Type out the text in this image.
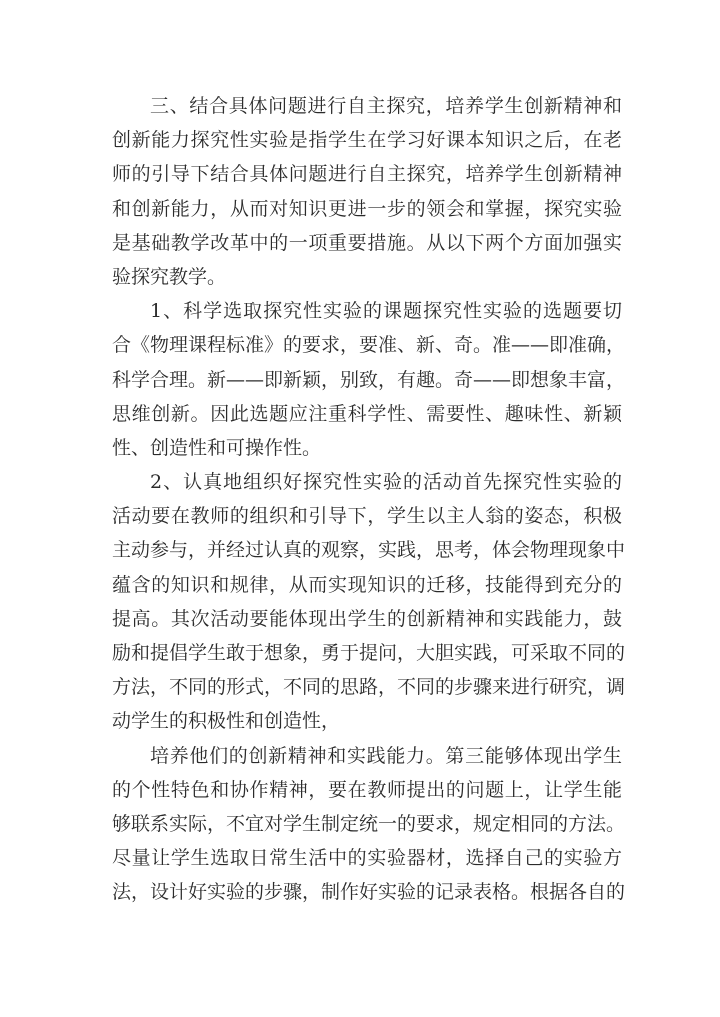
三、结合具体问题进行自主探究，培养学生创新精神和
创新能力探究性实验是指学生在学习好课本知识之后，在老
师的引导下结合具体问题进行自主探究，培养学生创新精神
和创新能力，从而对知识更进一步的领会和掌握，探究实验
是基础教学改革中的一项重要措施。从以下两个方面加强实
验探究教学。
1、科学选取探究性实验的课题探究性实验的选题要切
合《物理课程标准》的要求，要准、新、奇。准——即准确，
科学合理。新——即新颖，别致，有趣。奇——即想象丰富，
思维创新。因此选题应注重科学性、需要性、趣味性、新颖
性、创造性和可操作性。
2、认真地组织好探究性实验的活动首先探究性实验的
活动要在教师的组织和引导下，学生以主人翁的姿态，积极
主动参与，并经过认真的观察，实践，思考，体会物理现象中
蕴含的知识和规律，从而实现知识的迁移，技能得到充分的
提高。其次活动要能体现出学生的创新精神和实践能力，鼓
励和提倡学生敢于想象，勇于提问，大胆实践，可采取不同的
方法，不同的形式，不同的思路，不同的步骤来进行研究，调
动学生的积极性和创造性，
培养他们的创新精神和实践能力。第三能够体现出学生
的个性特色和协作精神，要在教师提出的问题上，让学生能
够联系实际，不宜对学生制定统一的要求，规定相同的方法。
尽量让学生选取日常生活中的实验器材，选择自己的实验方
法，设计好实验的步骤，制作好实验的记录表格。根据各自的
